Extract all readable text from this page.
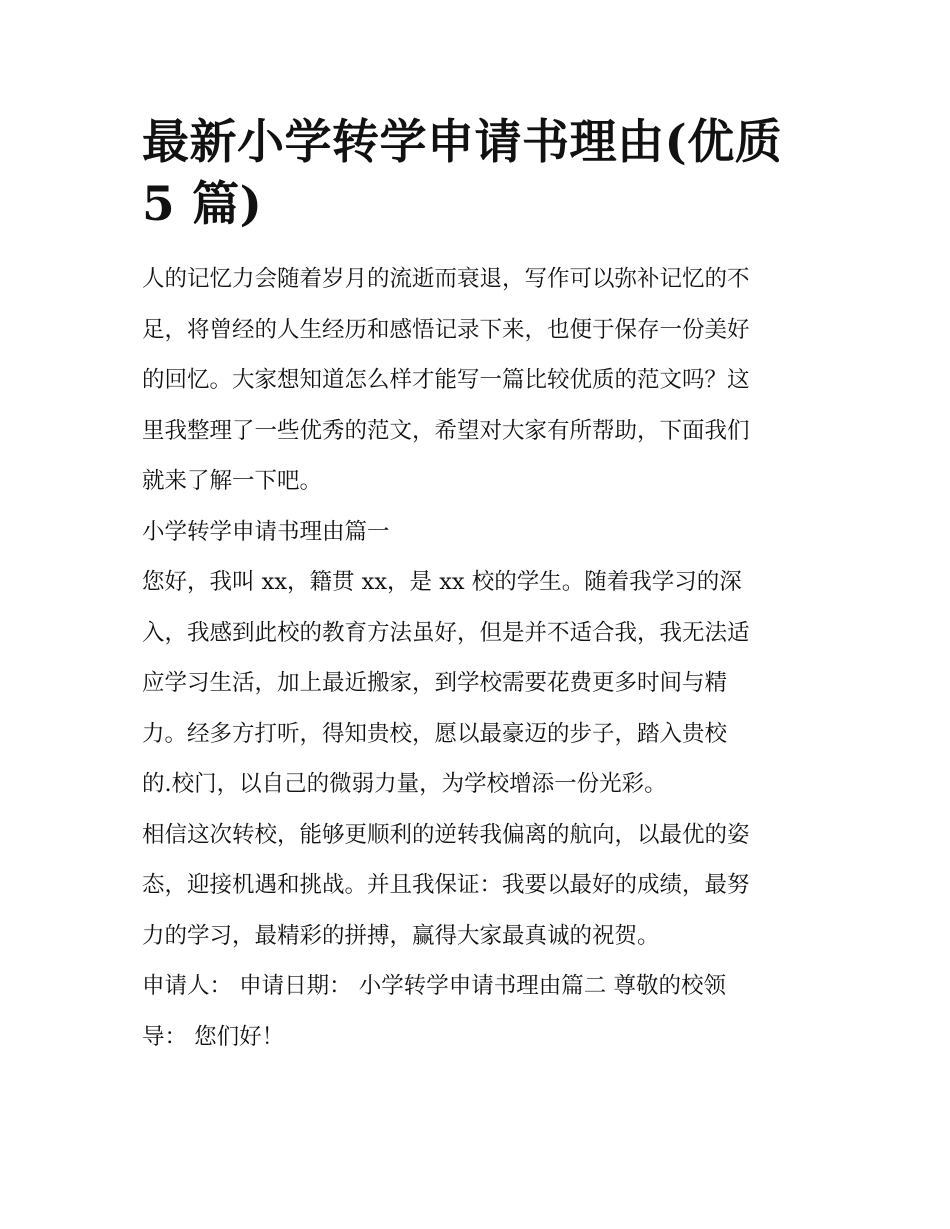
最新小学转学申请书理由(优质
5 篇)

人的记忆力会随着岁月的流逝而衰退，写作可以弥补记忆的不
足，将曾经的人生经历和感悟记录下来，也便于保存一份美好
的回忆。大家想知道怎么样才能写一篇比较优质的范文吗？这
里我整理了一些优秀的范文，希望对大家有所帮助，下面我们
就来了解一下吧。

小学转学申请书理由篇一

您好，我叫 xx，籍贯 xx，是 xx 校的学生。随着我学习的深
入，我感到此校的教育方法虽好，但是并不适合我，我无法适
应学习生活，加上最近搬家，到学校需要花费更多时间与精
力。经多方打听，得知贵校，愿以最豪迈的步子，踏入贵校
的.校门，以自己的微弱力量，为学校增添一份光彩。

相信这次转校，能够更顺利的逆转我偏离的航向，以最优的姿
态，迎接机遇和挑战。并且我保证：我要以最好的成绩，最努
力的学习，最精彩的拼搏，赢得大家最真诚的祝贺。

申请人： 申请日期： 小学转学申请书理由篇二 尊敬的校领
导： 您们好！
